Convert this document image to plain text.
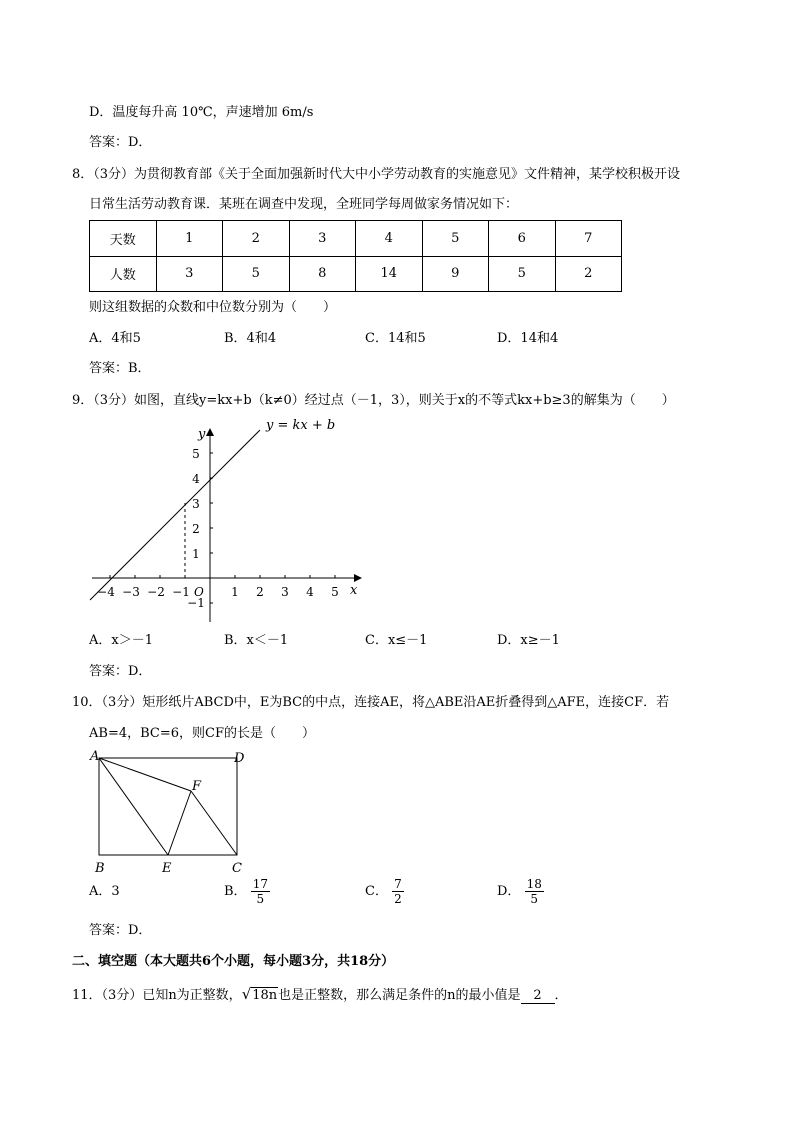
D．温度每升高 10℃，声速增加 6m/s
答案：D．
8．（3分）为贯彻教育部《关于全面加强新时代大中小学劳动教育的实施意见》文件精神，某学校积极开设
日常生活劳动教育课．某班在调查中发现，全班同学每周做家务情况如下：
天数	1	2	3	4	5	6	7
人数	3	5	8	14	9	5	2
则这组数据的众数和中位数分别为（　　）
A．4和5	B．4和4	C．14和5	D．14和4
答案：B．
9．（3分）如图，直线y=kx+b（k≠0）经过点（－1，3），则关于x的不等式kx+b≥3的解集为（　　）
y = kx + b
y
x
O
5
4
3
2
1
−1
−4 −3 −2 −1	1 2 3 4 5
A．x＞－1	B．x＜－1	C．x≤－1	D．x≥－1
答案：D．
10．（3分）矩形纸片ABCD中，E为BC的中点，连接AE，将△ABE沿AE折叠得到△AFE，连接CF．若
AB=4，BC=6，则CF的长是（　　）
A	D
F
B	E	C
A．3	B． $\frac{17}{5}$	C． $\frac{7}{2}$	D． $\frac{18}{5}$
答案：D．
二、填空题（本大题共6个小题，每小题3分，共18分）
11．（3分）已知n为正整数，√18n也是正整数，那么满足条件的n的最小值是 2 ．
